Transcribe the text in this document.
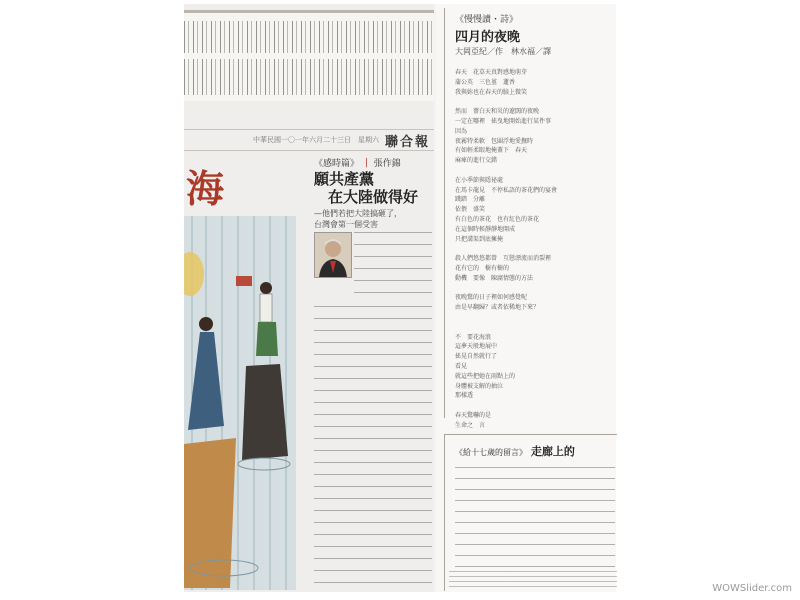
中華民國一〇一年六月二十三日　星期六 聯合報
海
《感時篇》 ｜ 張作錦
願共產黨
在大陸做得好
—他們若把大陸搞砸了，
台灣會第一個受害
《慢慢讀・詩》
四月的夜晚
大岡亞紀／作　林水福／譯
春天　花草天真對感地萌芽
蒲公英　三色堇　蓮香
我與妳也在春天的臉上微笑
然而　薔白天和災的遼闊的夜晚
一定在哪裡　搖曳地開始進行某件事
因為
夜霧特柔軟　包圍浮地愛撫時
有如輕柔眼地掩蓋下　春天
麻痺的進行交錯
在小季節與隱祕處
在馬卡龍見　不停私語的茶花們的宴會
踐踏　分離
依偎　盛笑
有白色的茶花　也有紅色的茶花
在這個時候靜靜地開成
只把溝渠到底擁掩
殺人們悠悠都曾　互戀漂流而消裂裡
花有它的　樹有樹的
動機　要像　陳腐情態的方法
夜晚驚的日子裡如何感覺呢
由是早翻歸？或者依稀地下來？
不　要花海浪
這夢天般地展中
搖晃自然就行了
看見
就這些把她在雨點上的
身體被支解的抽泣
那樣透
春天驚嚇的是
生命之　言
《給十七歲的留言》 走廊上的
WOWSlider.com
